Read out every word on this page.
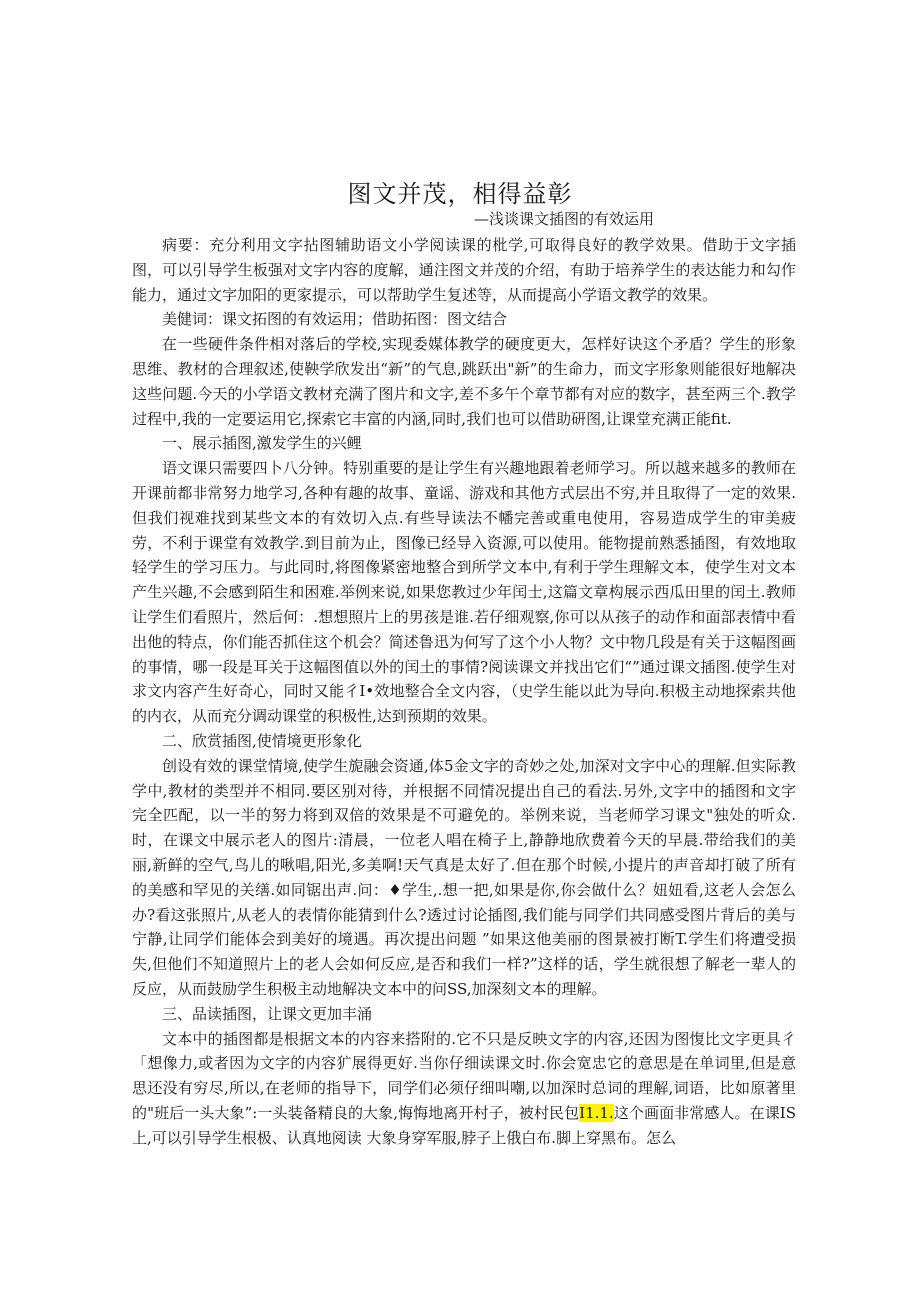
图文并茂，相得益彰
—浅谈课文插图的有效运用

病要：充分利用文字拈图辅助语文小学阅读课的枇学,可取得良好的教学效果。借助于文字插图，可以引导学生板强对文字内容的度解，通注图文并茂的介绍，有助于培养学生的表达能力和勾作能力，通过文字加阳的更家提示，可以帮助学生复述等，从而提高小学语文教学的效果。

美健词：课文拓图的有效运用；借助拓图：图文结合

在一些硬件条件相对落后的学校,实现委媒体教学的硬度更大，怎样好诀这个矛盾？学生的形象思维、教材的合理叙述,使鞅学欣发出“新”的气息,跳跃出"新”的生命力，而文字形象则能很好地解决这些问题.今天的小学语文教材充满了图片和文字,差不多午个章节都有对应的数字，甚至两三个.教学过程中,我的一定要运用它,探索它丰富的内涵,同时,我们也可以借助研图,让课堂充满正能fit.

一、展示插图,激发学生的兴鲤

语文课只需要四卜八分钟。特别重要的是让学生有兴趣地跟着老师学习。所以越来越多的教师在开课前都非常努力地学习,各种有趣的故事、童谣、游戏和其他方式层出不穷,并且取得了一定的效果.但我们视难找到某些文本的有效切入点.有些导读法不幡完善或重电使用，容易造成学生的审美疲劳，不利于课堂有效教学.到目前为止，图像已经导入资源,可以使用。能物提前熟悉插图，有效地取轻学生的学习压力。与此同时,将图像紧密地整合到所学文本中,有利于学生理解文本，使学生对文本产生兴趣,不会感到陌生和困难.举例来说,如果您教过少年闰士,这篇文章构展示西瓜田里的闰土.教师让学生们看照片，然后何：.想想照片上的男孩是谁.若仔细观察,你可以从孩子的动作和面部表情中看出他的特点，你们能否抓住这个机会？简述鲁迅为何写了这个小人物？文中物几段是有关于这幅图画的事情，哪一段是耳关于这幅图值以外的闰土的事情?阅读课文并找出它们“”通过课文插图.使学生对求文内容产生好奇心，同时又能彳I•效地整合全文内容，（史学生能以此为导向.积极主动地探索共他的内衣，从而充分调动课堂的积极性,达到预期的效果。

二、欣赏插图,使情境更形象化

创设有效的课堂情境,使学生旎融会资通,体5金文字的奇妙之处,加深对文字中心的理解.但实际教学中,教材的类型并不相同.要区别对待，并根据不同情况提出自己的看法.另外,文字中的插图和文字完全匹配，以一半的努力将到双倍的效果是不可避免的。举例来说，当老师学习课文"独处的听众.时，在课文中展示老人的图片:清晨，一位老人唱在椅子上,静静地欣费着今天的早晨.带给我们的美丽,新鲜的空气,鸟儿的啾唱,阳光,多美啊!天气真是太好了.但在那个时候,小提片的声音却打破了所有的美感和罕见的关缮.如同锯出声.问：♦学生,.想一把,如果是你,你会做什么？妞妞看,这老人会怎么办?看这张照片,从老人的表情你能猜到什么?透过讨论插图,我们能与同学们共同感受图片背后的美与宁静,让同学们能体会到美好的境遇。再次提出问题 ”如果这他美丽的图景被打断T.学生们将遭受损失,但他们不知道照片上的老人会如何反应,是否和我们一样?”这样的话，学生就很想了解老一辈人的反应，从而鼓励学生积极主动地解决文本中的问SS,加深刻文本的理解。

三、品读插图，让课文更加丰涌

文本中的插图都是根据文本的内容来搭附的.它不只是反映文字的内容,还因为图愎比文字更具彳「想像力,或者因为文字的内容犷展得更好.当你仔细读课文时.你会宽忠它的意思是在单词里,但是意思还没有穷尽,所以,在老师的指导下，同学们必须仔细叫嘲,以加深时总词的理解,词语，比如原著里的"班后一头大象”:一头装备精良的大象,悔悔地离开村子，被村民包I1.1.这个画面非常感人。在课IS上,可以引导学生根极、认真地阅读 大象身穿军服,脖子上俄白布.脚上穿黑布。怎么
